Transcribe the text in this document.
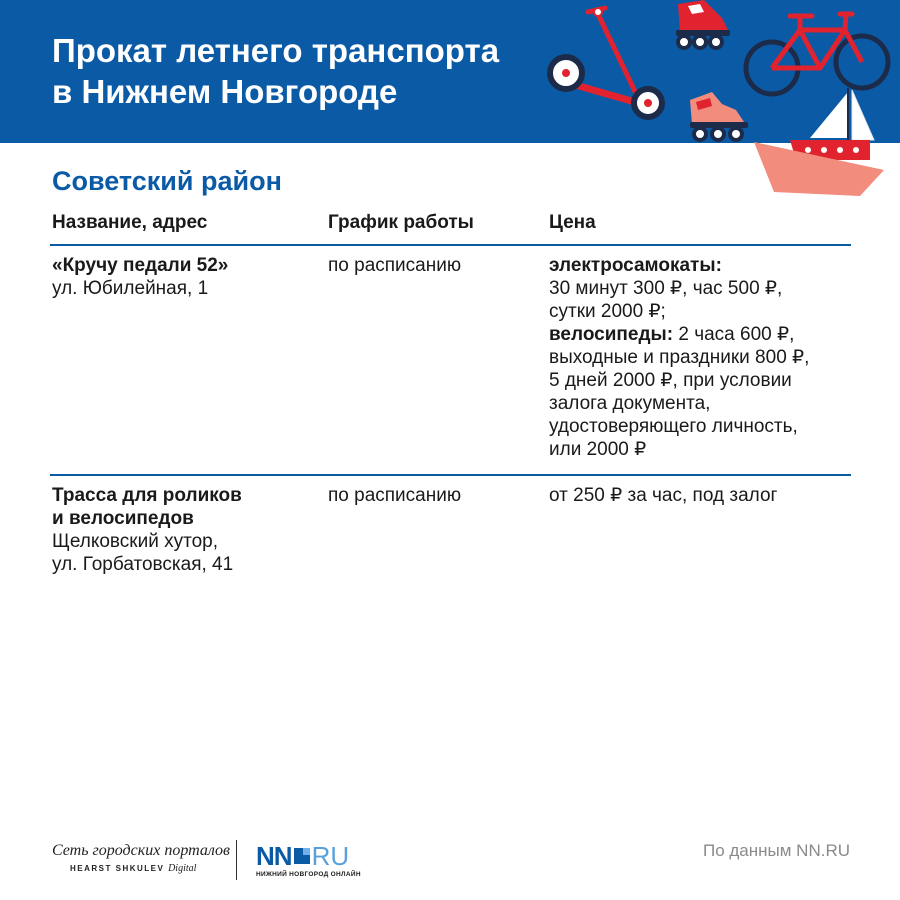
Прокат летнего транспорта
в Нижнем Новгороде
Советский район
Название, адрес	График работы	Цена
«Кручу педали 52»
ул. Юбилейная, 1
по расписанию	электросамокаты:
30 минут 300 ₽, час 500 ₽,
сутки 2000 ₽;
велосипеды: 2 часа 600 ₽,
выходные и праздники 800 ₽,
5 дней 2000 ₽, при условии
залога документа,
удостоверяющего личность,
или 2000 ₽
Трасса для роликов
и велосипедов
Щелковский хутор,
ул. Горбатовская, 41
по расписанию	от 250 ₽ за час, под залог
Сеть городских порталов
HEARST SHKULEV Digital	NN RU
НИЖНИЙ НОВГОРОД ОНЛАЙН
По данным NN.RU
